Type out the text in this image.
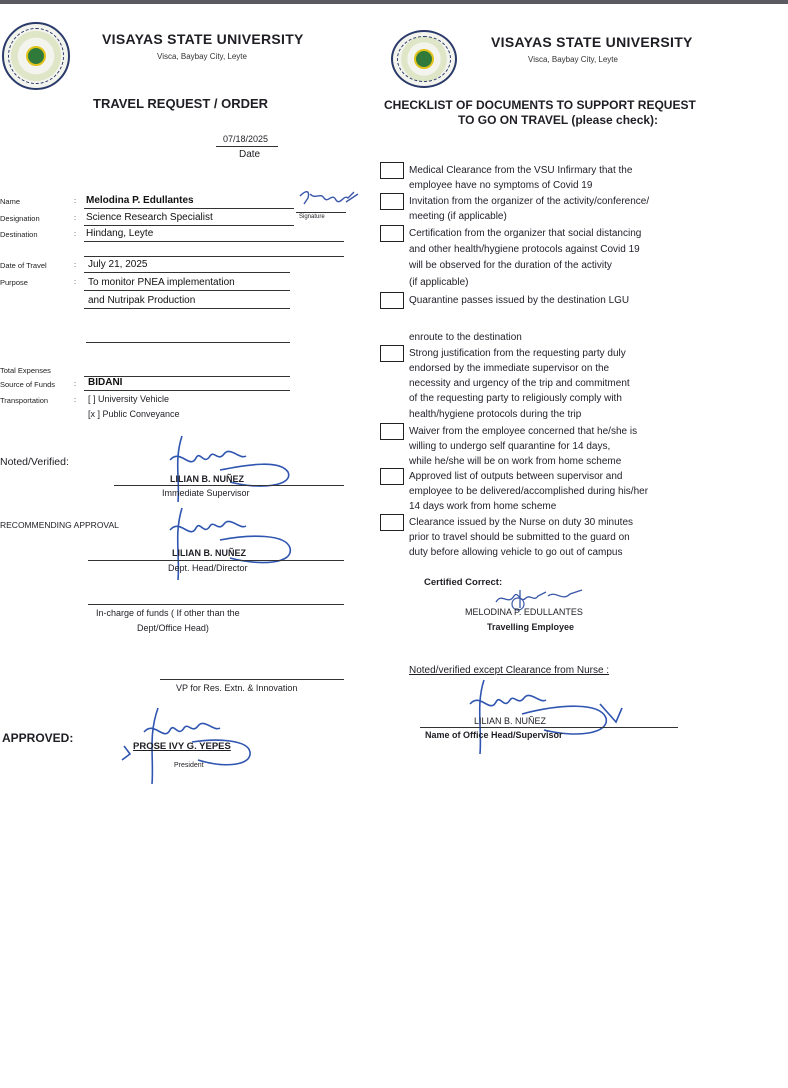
VISAYAS STATE UNIVERSITY
Visca, Baybay City, Leyte
TRAVEL REQUEST / ORDER
07/18/2025
Date
Name	: Melodina P. Edullantes
Signature
Designation	: Science Research Specialist
Destination	: Hindang, Leyte
Date of Travel	: July 21, 2025
Purpose	: To monitor PNEA implementation
and Nutripak Production
Total Expenses
Source of Funds	: BIDANI
Transportation	: [ ] University Vehicle
[x ] Public Conveyance
Noted/Verified:
LILIAN B. NUÑEZ
Immediate Supervisor
RECOMMENDING APPROVAL
LILIAN B. NUÑEZ
Dept. Head/Director
In-charge of funds ( If other than the
Dept/Office Head)
VP for Res. Extn. & Innovation
APPROVED:
PROSE IVY G. YEPES
President
VISAYAS STATE UNIVERSITY
Visca, Baybay City, Leyte
CHECKLIST OF DOCUMENTS TO SUPPORT REQUEST
TO GO ON TRAVEL (please check):
Medical Clearance from the VSU Infirmary that the
employee have no symptoms of Covid 19
Invitation from the organizer of the activity/conference/
meeting (if applicable)
Certification from the organizer that social distancing
and other health/hygiene protocols against Covid 19
will be observed for the duration of the activity
(if applicable)
Quarantine passes issued by the destination LGU
enroute to the destination
Strong justification from the requesting party duly
endorsed by the immediate supervisor on the
necessity and urgency of the trip and commitment
of the requesting party to religiously comply with
health/hygiene protocols during the trip
Waiver from the employee concerned that he/she is
willing to undergo self quarantine for 14 days,
while he/she will be on work from home scheme
Approved list of outputs between supervisor and
employee to be delivered/accomplished during his/her
14 days work from home scheme
Clearance issued by the Nurse on duty 30 minutes
prior to travel should be submitted to the guard on
duty before allowing vehicle to go out of campus
Certified Correct:
MELODINA P. EDULLANTES
Travelling Employee
Noted/verified except Clearance from Nurse :
LILIAN B. NUÑEZ
Name of Office Head/Supervisor
